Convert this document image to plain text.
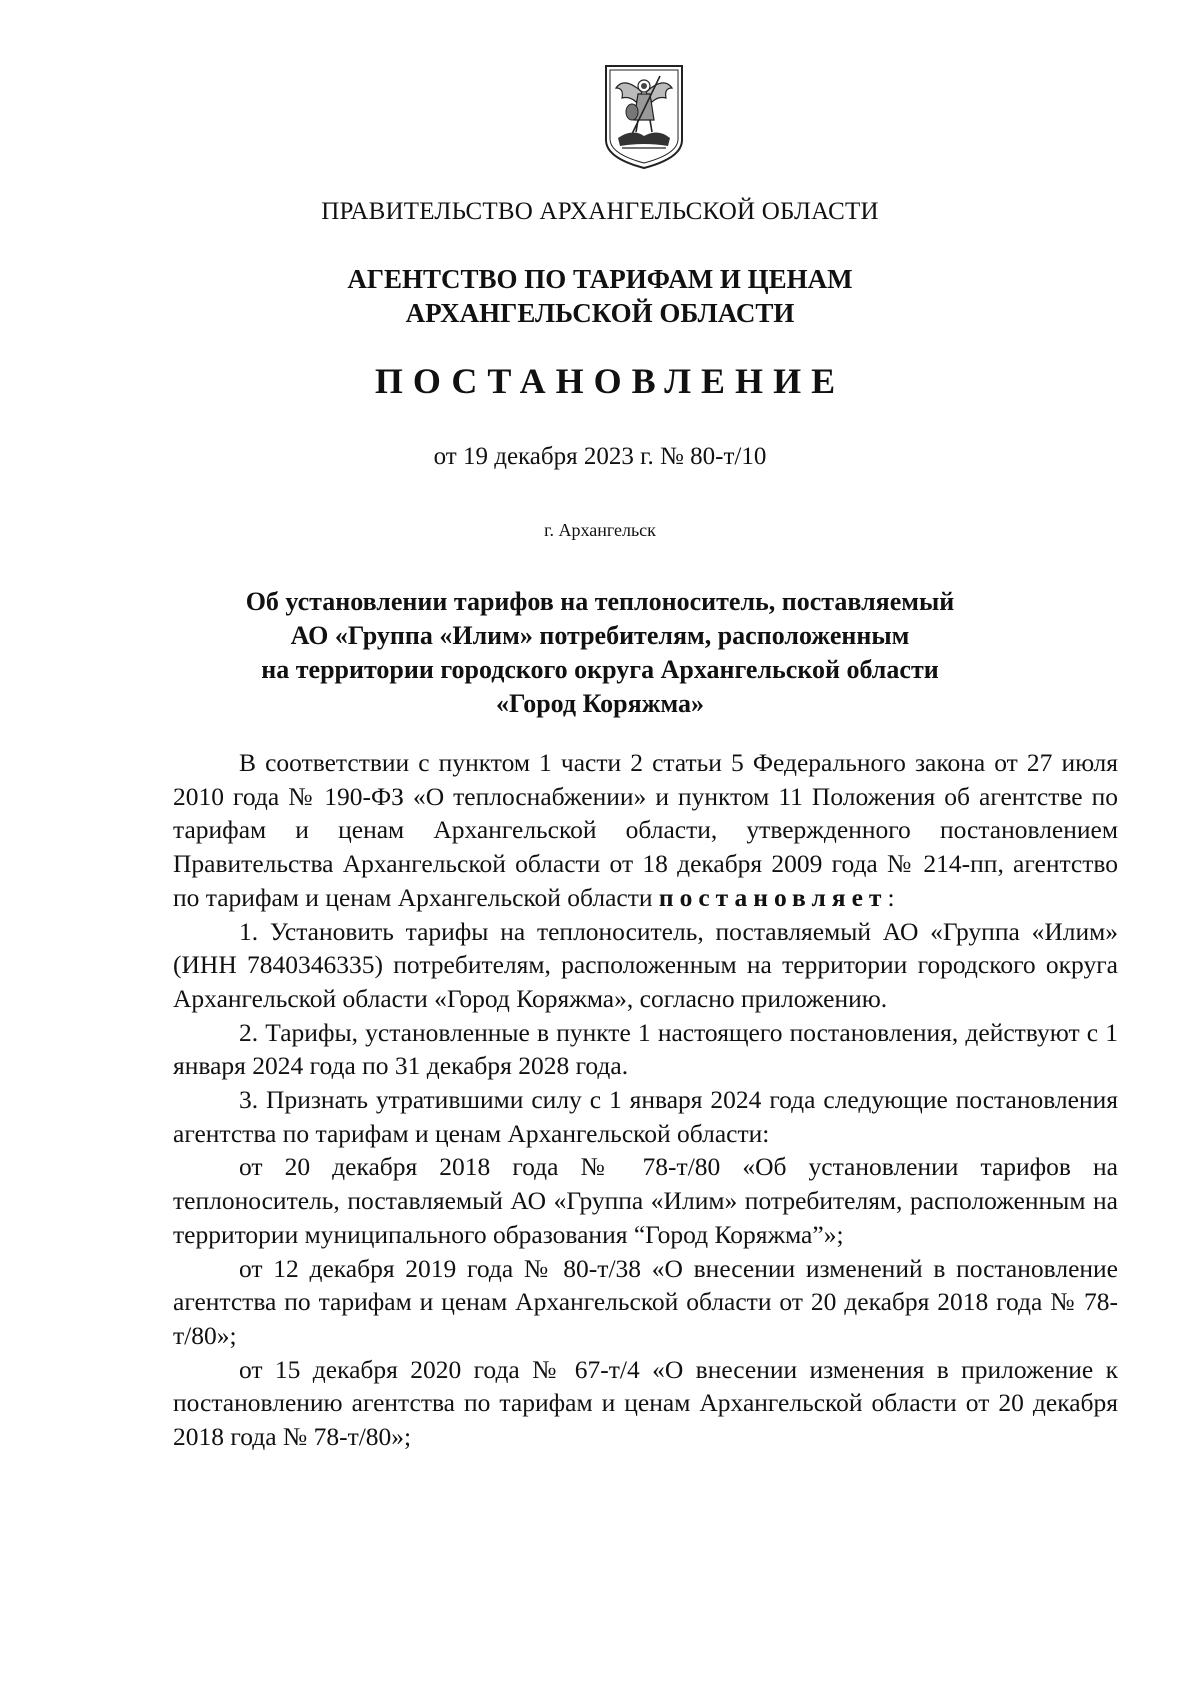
ПРАВИТЕЛЬСТВО АРХАНГЕЛЬСКОЙ ОБЛАСТИ
АГЕНТСТВО ПО ТАРИФАМ И ЦЕНАМ
АРХАНГЕЛЬСКОЙ ОБЛАСТИ
ПОСТАНОВЛЕНИЕ
от 19 декабря 2023 г. № 80-т/10
г. Архангельск
Об установлении тарифов на теплоноситель, поставляемый
АО «Группа «Илим» потребителям, расположенным
на территории городского округа Архангельской области
«Город Коряжма»

В соответствии с пунктом 1 части 2 статьи 5 Федерального закона от 27 июля 2010 года № 190-ФЗ «О теплоснабжении» и пунктом 11 Положения об агентстве по тарифам и ценам Архангельской области, утвержденного постановлением Правительства Архангельской области от 18 декабря 2009 года № 214-пп, агентство по тарифам и ценам Архангельской области постановляет:

1. Установить тарифы на теплоноситель, поставляемый АО «Группа «Илим» (ИНН 7840346335) потребителям, расположенным на территории городского округа Архангельской области «Город Коряжма», согласно приложению.

2. Тарифы, установленные в пункте 1 настоящего постановления, действуют с 1 января 2024 года по 31 декабря 2028 года.

3. Признать утратившими силу с 1 января 2024 года следующие постановления агентства по тарифам и ценам Архангельской области:

от 20 декабря 2018 года № 78-т/80 «Об установлении тарифов на теплоноситель, поставляемый АО «Группа «Илим» потребителям, расположенным на территории муниципального образования “Город Коряжма”»;

от 12 декабря 2019 года № 80-т/38 «О внесении изменений в постановление агентства по тарифам и ценам Архангельской области от 20 декабря 2018 года № 78-т/80»;

от 15 декабря 2020 года № 67-т/4 «О внесении изменения в приложение к постановлению агентства по тарифам и ценам Архангельской области от 20 декабря 2018 года № 78-т/80»;
